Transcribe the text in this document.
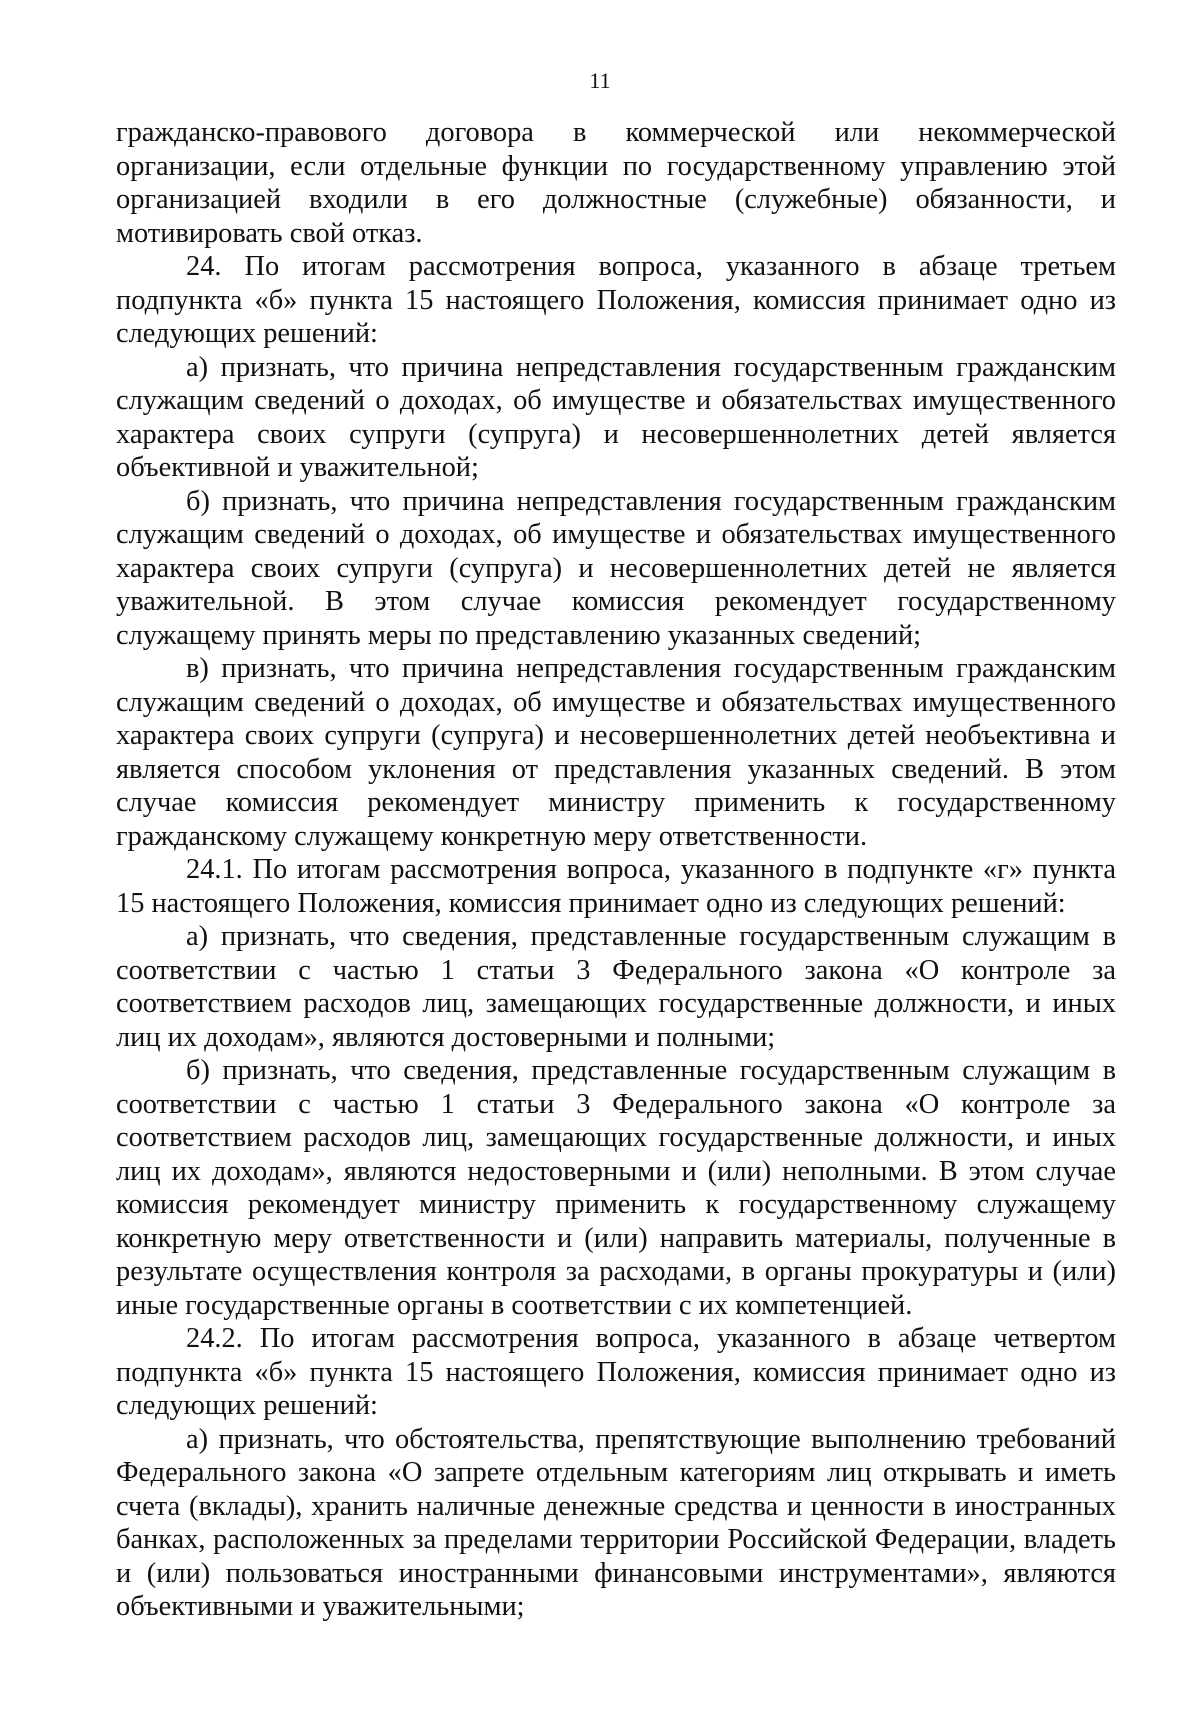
11
гражданско-правового договора в коммерческой или некоммерческой
организации, если отдельные функции по государственному управлению этой
организацией входили в его должностные (служебные) обязанности, и
мотивировать свой отказ.
24. По итогам рассмотрения вопроса, указанного в абзаце третьем
подпункта «б» пункта 15 настоящего Положения, комиссия принимает одно из
следующих решений:
а) признать, что причина непредставления государственным гражданским
служащим сведений о доходах, об имуществе и обязательствах имущественного
характера своих супруги (супруга) и несовершеннолетних детей является
объективной и уважительной;
б) признать, что причина непредставления государственным гражданским
служащим сведений о доходах, об имуществе и обязательствах имущественного
характера своих супруги (супруга) и несовершеннолетних детей не является
уважительной. В этом случае комиссия рекомендует государственному
служащему принять меры по представлению указанных сведений;
в) признать, что причина непредставления государственным гражданским
служащим сведений о доходах, об имуществе и обязательствах имущественного
характера своих супруги (супруга) и несовершеннолетних детей необъективна и
является способом уклонения от представления указанных сведений. В этом
случае комиссия рекомендует министру применить к государственному
гражданскому служащему конкретную меру ответственности.
24.1. По итогам рассмотрения вопроса, указанного в подпункте «г» пункта
15 настоящего Положения, комиссия принимает одно из следующих решений:
а) признать, что сведения, представленные государственным служащим в
соответствии с частью 1 статьи 3 Федерального закона «О контроле за
соответствием расходов лиц, замещающих государственные должности, и иных
лиц их доходам», являются достоверными и полными;
б) признать, что сведения, представленные государственным служащим в
соответствии с частью 1 статьи 3 Федерального закона «О контроле за
соответствием расходов лиц, замещающих государственные должности, и иных
лиц их доходам», являются недостоверными и (или) неполными. В этом случае
комиссия рекомендует министру применить к государственному служащему
конкретную меру ответственности и (или) направить материалы, полученные в
результате осуществления контроля за расходами, в органы прокуратуры и (или)
иные государственные органы в соответствии с их компетенцией.
24.2. По итогам рассмотрения вопроса, указанного в абзаце четвертом
подпункта «б» пункта 15 настоящего Положения, комиссия принимает одно из
следующих решений:
а) признать, что обстоятельства, препятствующие выполнению требований
Федерального закона «О запрете отдельным категориям лиц открывать и иметь
счета (вклады), хранить наличные денежные средства и ценности в иностранных
банках, расположенных за пределами территории Российской Федерации, владеть
и (или) пользоваться иностранными финансовыми инструментами», являются
объективными и уважительными;
